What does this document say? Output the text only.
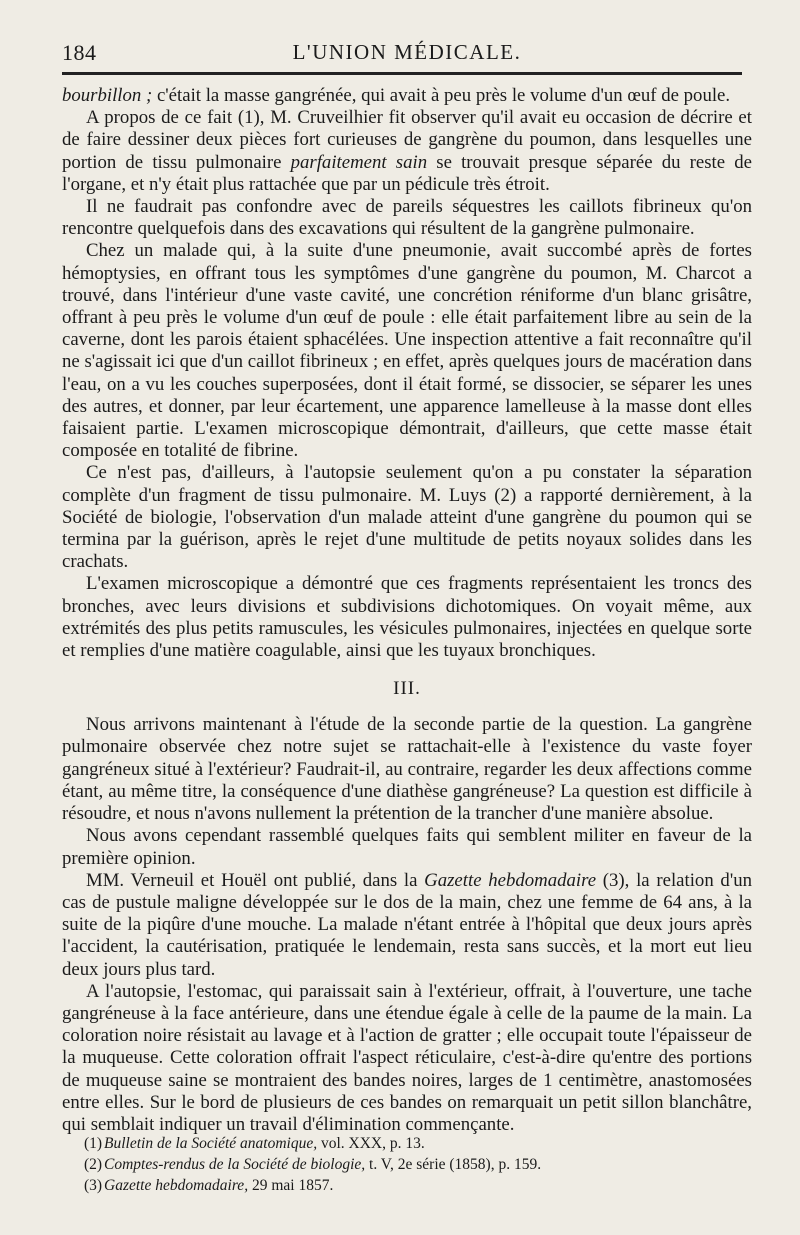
184	L'UNION MÉDICALE.

bourbillon ; c'était la masse gangrénée, qui avait à peu près le volume d'un œuf de poule.

A propos de ce fait (1), M. Cruveilhier fit observer qu'il avait eu occasion de décrire et de faire dessiner deux pièces fort curieuses de gangrène du poumon, dans lesquelles une portion de tissu pulmonaire parfaitement sain se trouvait presque séparée du reste de l'organe, et n'y était plus rattachée que par un pédicule très étroit.

Il ne faudrait pas confondre avec de pareils séquestres les caillots fibrineux qu'on rencontre quelquefois dans des excavations qui résultent de la gangrène pulmonaire.

Chez un malade qui, à la suite d'une pneumonie, avait succombé après de fortes hémoptysies, en offrant tous les symptômes d'une gangrène du poumon, M. Charcot a trouvé, dans l'intérieur d'une vaste cavité, une concrétion réniforme d'un blanc grisâtre, offrant à peu près le volume d'un œuf de poule : elle était parfaitement libre au sein de la caverne, dont les parois étaient sphacélées. Une inspection attentive a fait reconnaître qu'il ne s'agissait ici que d'un caillot fibrineux ; en effet, après quelques jours de macération dans l'eau, on a vu les couches superposées, dont il était formé, se dissocier, se séparer les unes des autres, et donner, par leur écartement, une apparence lamelleuse à la masse dont elles faisaient partie. L'examen microscopique démontrait, d'ailleurs, que cette masse était composée en totalité de fibrine.

Ce n'est pas, d'ailleurs, à l'autopsie seulement qu'on a pu constater la séparation complète d'un fragment de tissu pulmonaire. M. Luys (2) a rapporté dernièrement, à la Société de biologie, l'observation d'un malade atteint d'une gangrène du poumon qui se termina par la guérison, après le rejet d'une multitude de petits noyaux solides dans les crachats.

L'examen microscopique a démontré que ces fragments représentaient les troncs des bronches, avec leurs divisions et subdivisions dichotomiques. On voyait même, aux extrémités des plus petits ramuscules, les vésicules pulmonaires, injectées en quelque sorte et remplies d'une matière coagulable, ainsi que les tuyaux bronchiques.

III.

Nous arrivons maintenant à l'étude de la seconde partie de la question. La gangrène pulmonaire observée chez notre sujet se rattachait-elle à l'existence du vaste foyer gangréneux situé à l'extérieur? Faudrait-il, au contraire, regarder les deux affections comme étant, au même titre, la conséquence d'une diathèse gangréneuse? La question est difficile à résoudre, et nous n'avons nullement la prétention de la trancher d'une manière absolue.

Nous avons cependant rassemblé quelques faits qui semblent militer en faveur de la première opinion.

MM. Verneuil et Houël ont publié, dans la Gazette hebdomadaire (3), la relation d'un cas de pustule maligne développée sur le dos de la main, chez une femme de 64 ans, à la suite de la piqûre d'une mouche. La malade n'étant entrée à l'hôpital que deux jours après l'accident, la cautérisation, pratiquée le lendemain, resta sans succès, et la mort eut lieu deux jours plus tard.

A l'autopsie, l'estomac, qui paraissait sain à l'extérieur, offrait, à l'ouverture, une tache gangréneuse à la face antérieure, dans une étendue égale à celle de la paume de la main. La coloration noire résistait au lavage et à l'action de gratter ; elle occupait toute l'épaisseur de la muqueuse. Cette coloration offrait l'aspect réticulaire, c'est-à-dire qu'entre des portions de muqueuse saine se montraient des bandes noires, larges de 1 centimètre, anastomosées entre elles. Sur le bord de plusieurs de ces bandes on remarquait un petit sillon blanchâtre, qui semblait indiquer un travail d'élimination commençante.

(1) Bulletin de la Société anatomique, vol. XXX, p. 13.

(2) Comptes-rendus de la Société de biologie, t. V, 2e série (1858), p. 159.

(3) Gazette hebdomadaire, 29 mai 1857.
